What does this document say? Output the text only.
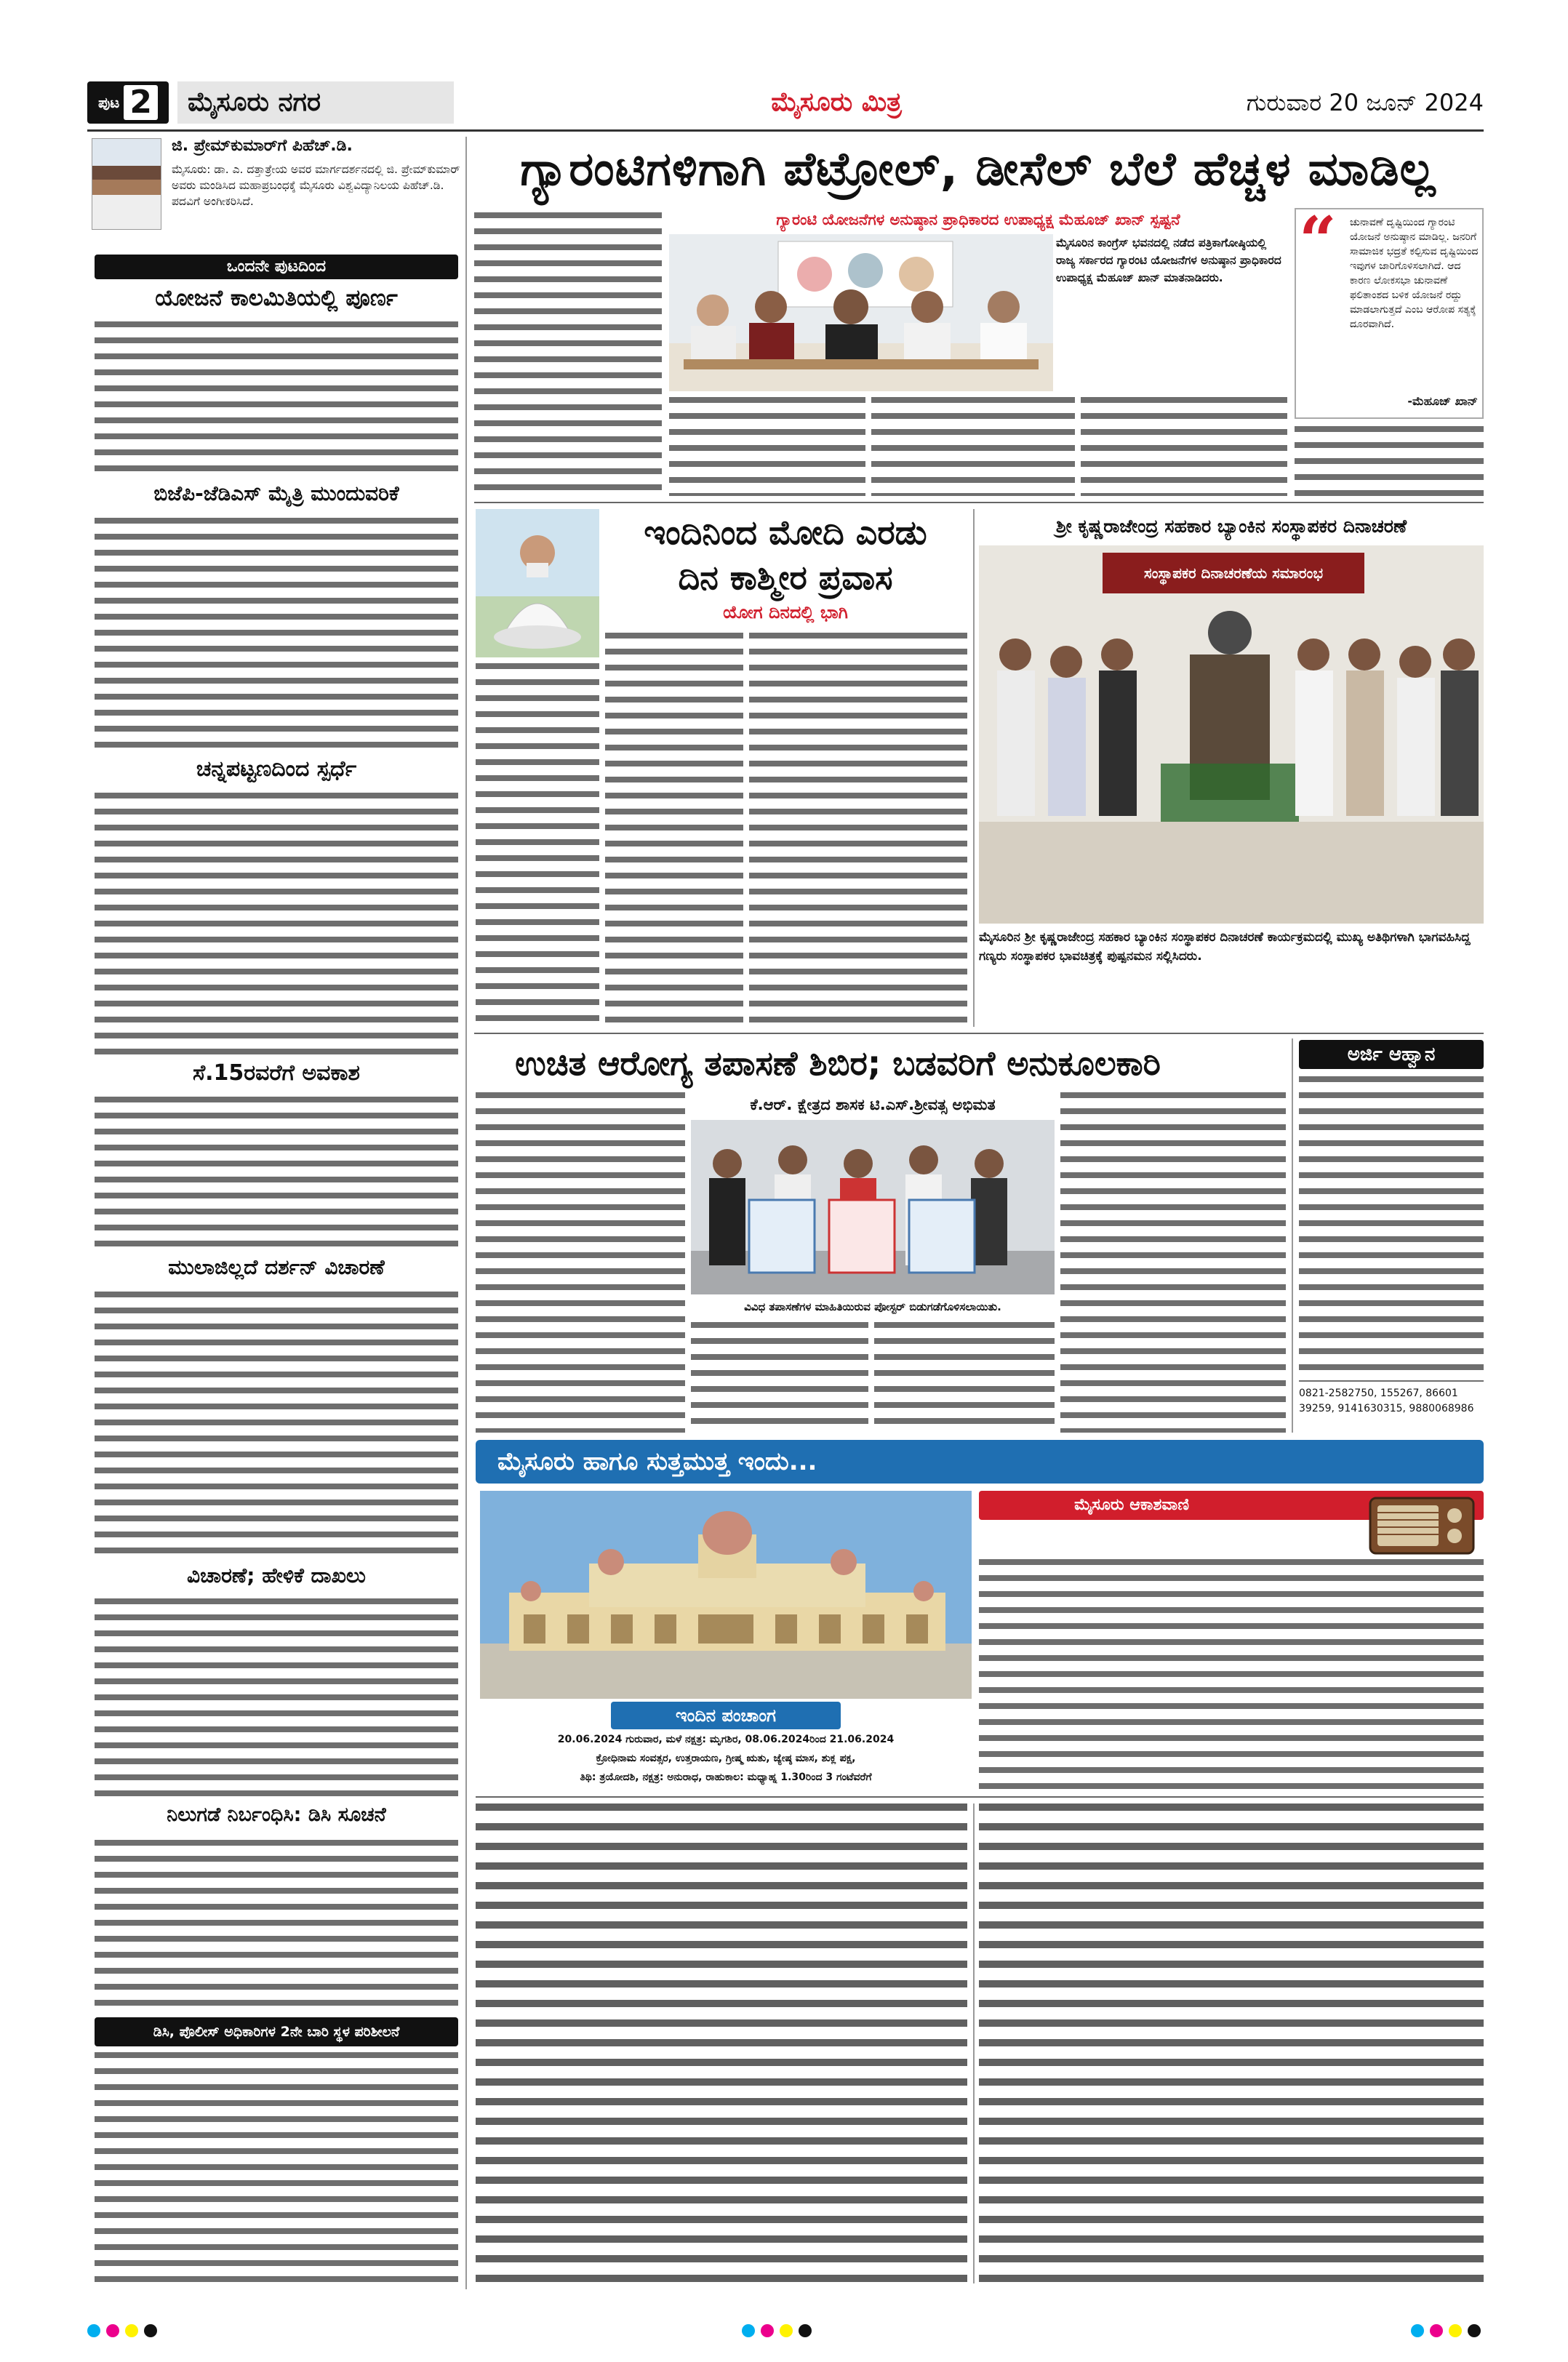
ಪುಟ 2	ಮೈಸೂರು ನಗರ	ಮೈಸೂರು ಮಿತ್ರ	ಗುರುವಾರ 20 ಜೂನ್ 2024
ಜಿ. ಪ್ರೇಮ್‌ಕುಮಾರ್‌ಗೆ ಪಿಹೆಚ್.ಡಿ.
ಮೈಸೂರು: ಡಾ. ಎ. ದತ್ತಾತ್ರೇಯ ಅವರ ಮಾರ್ಗದರ್ಶನದಲ್ಲಿ ಜಿ. ಪ್ರೇಮ್‌ಕುಮಾರ್ ಅವರು ಮಂಡಿಸಿದ ಮಹಾಪ್ರಬಂಧಕ್ಕೆ ಮೈಸೂರು ವಿಶ್ವವಿದ್ಯಾನಿಲಯ ಪಿಹೆಚ್.ಡಿ. ಪದವಿಗೆ ಅಂಗೀಕರಿಸಿದೆ.
ಒಂದನೇ ಪುಟದಿಂದ
ಯೋಜನೆ ಕಾಲಮಿತಿಯಲ್ಲಿ ಪೂರ್ಣ
ಬಿಜೆಪಿ-ಜೆಡಿಎಸ್ ಮೈತ್ರಿ ಮುಂದುವರಿಕೆ
ಚನ್ನಪಟ್ಟಣದಿಂದ ಸ್ಪರ್ಧೆ
ಸೆ.15ರವರೆಗೆ ಅವಕಾಶ
ಮುಲಾಜಿಲ್ಲದೆ ದರ್ಶನ್ ವಿಚಾರಣೆ
ವಿಚಾರಣೆ; ಹೇಳಿಕೆ ದಾಖಲು
ನಿಲುಗಡೆ ನಿರ್ಬಂಧಿಸಿ: ಡಿಸಿ ಸೂಚನೆ
ಡಿಸಿ, ಪೊಲೀಸ್ ಅಧಿಕಾರಿಗಳ 2ನೇ ಬಾರಿ ಸ್ಥಳ ಪರಿಶೀಲನೆ
ಗ್ಯಾರಂಟಿಗಳಿಗಾಗಿ ಪೆಟ್ರೋಲ್, ಡೀಸೆಲ್ ಬೆಲೆ ಹೆಚ್ಚಳ ಮಾಡಿಲ್ಲ
ಗ್ಯಾರಂಟಿ ಯೋಜನೆಗಳ ಅನುಷ್ಠಾನ ಪ್ರಾಧಿಕಾರದ ಉಪಾಧ್ಯಕ್ಷ ಮೆಹೂಜ್ ಖಾನ್ ಸ್ಪಷ್ಟನೆ
ಮೈಸೂರಿನ ಕಾಂಗ್ರೆಸ್ ಭವನದಲ್ಲಿ ನಡೆದ ಪತ್ರಿಕಾಗೋಷ್ಠಿಯಲ್ಲಿ ರಾಜ್ಯ ಸರ್ಕಾರದ ಗ್ಯಾರಂಟಿ ಯೋಜನೆಗಳ ಅನುಷ್ಠಾನ ಪ್ರಾಧಿಕಾರದ ಉಪಾಧ್ಯಕ್ಷ ಮೆಹೂಜ್ ಖಾನ್ ಮಾತನಾಡಿದರು.	“ ಚುನಾವಣೆ ದೃಷ್ಟಿಯಿಂದ ಗ್ಯಾರಂಟಿ ಯೋಜನೆ ಅನುಷ್ಠಾನ ಮಾಡಿಲ್ಲ. ಜನರಿಗೆ ಸಾಮಾಜಿಕ ಭದ್ರತೆ ಕಲ್ಪಿಸುವ ದೃಷ್ಟಿಯಿಂದ ಇವುಗಳ ಜಾರಿಗೊಳಿಸಲಾಗಿದೆ. ಆದ ಕಾರಣ ಲೋಕಸಭಾ ಚುನಾವಣೆ ಫಲಿತಾಂಶದ ಬಳಿಕ ಯೋಜನೆ ರದ್ದು ಮಾಡಲಾಗುತ್ತದೆ ಎಂಬ ಆರೋಪ ಸತ್ಯಕ್ಕೆ ದೂರವಾಗಿದೆ.
-ಮೆಹೂಜ್ ಖಾನ್
ಇಂದಿನಿಂದ ಮೋದಿ ಎರಡು
ದಿನ ಕಾಶ್ಮೀರ ಪ್ರವಾಸ
ಯೋಗ ದಿನದಲ್ಲಿ ಭಾಗಿ
ಶ್ರೀ ಕೃಷ್ಣರಾಜೇಂದ್ರ ಸಹಕಾರ ಬ್ಯಾಂಕಿನ ಸಂಸ್ಥಾಪಕರ ದಿನಾಚರಣೆ
ಸಂಸ್ಥಾಪಕರ ದಿನಾಚರಣೆಯ ಸಮಾರಂಭ
ಮೈಸೂರಿನ ಶ್ರೀ ಕೃಷ್ಣರಾಜೇಂದ್ರ ಸಹಕಾರ ಬ್ಯಾಂಕಿನ ಸಂಸ್ಥಾಪಕರ ದಿನಾಚರಣೆ ಕಾರ್ಯಕ್ರಮದಲ್ಲಿ ಮುಖ್ಯ ಅತಿಥಿಗಳಾಗಿ ಭಾಗವಹಿಸಿದ್ದ ಗಣ್ಯರು ಸಂಸ್ಥಾಪಕರ ಭಾವಚಿತ್ರಕ್ಕೆ ಪುಷ್ಪನಮನ ಸಲ್ಲಿಸಿದರು.
ಉಚಿತ ಆರೋಗ್ಯ ತಪಾಸಣೆ ಶಿಬಿರ; ಬಡವರಿಗೆ ಅನುಕೂಲಕಾರಿ
ಕೆ.ಆರ್. ಕ್ಷೇತ್ರದ ಶಾಸಕ ಟಿ.ಎಸ್.ಶ್ರೀವತ್ಸ ಅಭಿಮತ
ವಿವಿಧ ತಪಾಸಣೆಗಳ ಮಾಹಿತಿಯಿರುವ ಪೋಸ್ಟರ್ ಬಿಡುಗಡೆಗೊಳಿಸಲಾಯಿತು.
ಅರ್ಜಿ ಆಹ್ವಾನ
0821-2582750, 155267, 86601 39259, 9141630315, 9880068986
ಮೈಸೂರು ಹಾಗೂ ಸುತ್ತಮುತ್ತ ಇಂದು...
ಇಂದಿನ ಪಂಚಾಂಗ
20.06.2024 ಗುರುವಾರ, ಮಳೆ ನಕ್ಷತ್ರ: ಮೃಗಶಿರ, 08.06.2024ರಿಂದ 21.06.2024
ಕ್ರೋಧಿನಾಮ ಸಂವತ್ಸರ, ಉತ್ತರಾಯಣ, ಗ್ರೀಷ್ಮ ಋತು, ಜ್ಯೇಷ್ಠ ಮಾಸ, ಶುಕ್ಲ ಪಕ್ಷ,
ತಿಥಿ: ತ್ರಯೋದಶಿ, ನಕ್ಷತ್ರ: ಅನುರಾಧ, ರಾಹುಕಾಲ: ಮಧ್ಯಾಹ್ನ 1.30ರಿಂದ 3 ಗಂಟೆವರೆಗೆ
ಮೈಸೂರು ಆಕಾಶವಾಣಿ
